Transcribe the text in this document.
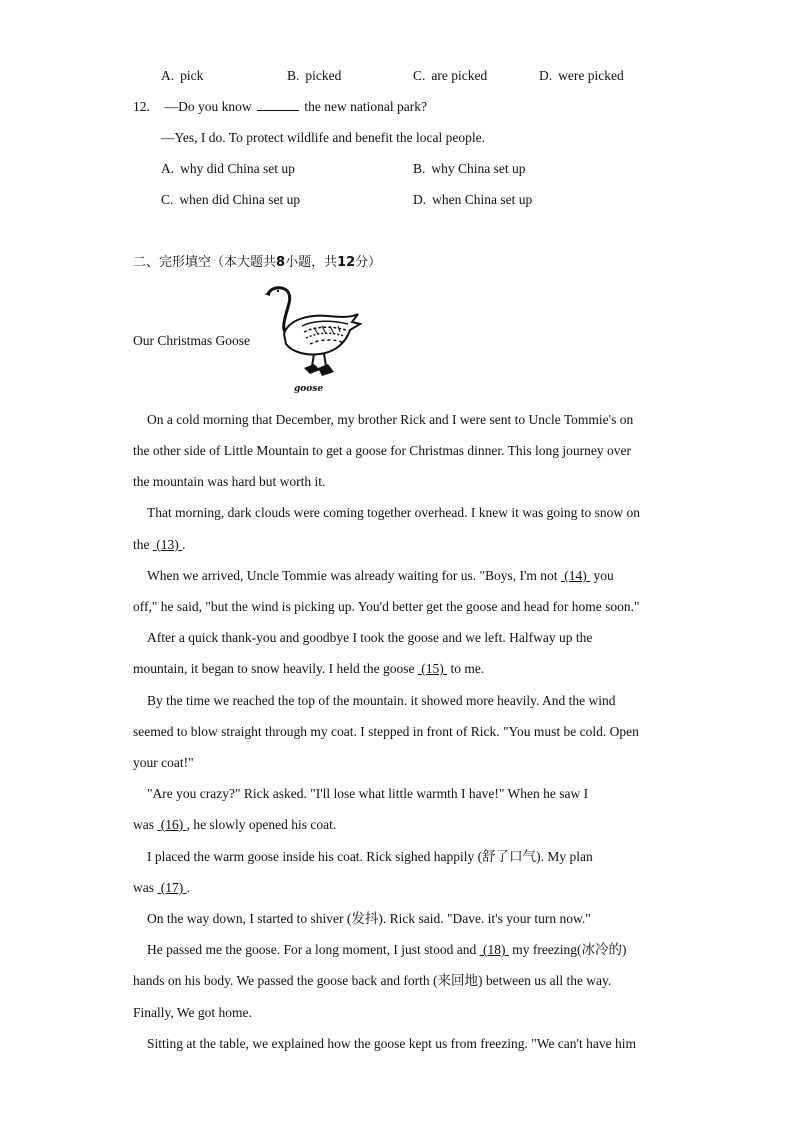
A. pick	B. picked	C. are picked	D. were picked
12. —Do you know	the new national park?
—Yes, I do. To protect wildlife and benefit the local people.
A. why did China set up	B. why China set up
C. when did China set up	D. when China set up
二、完形填空（本大题共8小题，共12分）
Our Christmas Goose
goose
On a cold morning that December, my brother Rick and I were sent to Uncle Tommie's on
the other side of Little Mountain to get a goose for Christmas dinner. This long journey over
the mountain was hard but worth it.
That morning, dark clouds were coming together overhead. I knew it was going to snow on
the (13) .
When we arrived, Uncle Tommie was already waiting for us. "Boys, I'm not (14) you
off," he said, "but the wind is picking up. You'd better get the goose and head for home soon."
After a quick thank-you and goodbye I took the goose and we left. Halfway up the
mountain, it began to snow heavily. I held the goose (15) to me.
By the time we reached the top of the mountain. it showed more heavily. And the wind
seemed to blow straight through my coat. I stepped in front of Rick. "You must be cold. Open
your coat!"
"Are you crazy?" Rick asked. "I'll lose what little warmth I have!" When he saw I
was (16) , he slowly opened his coat.
I placed the warm goose inside his coat. Rick sighed happily (舒了口气). My plan
was (17) .
On the way down, I started to shiver (发抖). Rick said. "Dave. it's your turn now."
He passed me the goose. For a long moment, I just stood and (18) my freezing(冰冷的)
hands on his body. We passed the goose back and forth (来回地) between us all the way.
Finally, We got home.
Sitting at the table, we explained how the goose kept us from freezing. "We can't have him
